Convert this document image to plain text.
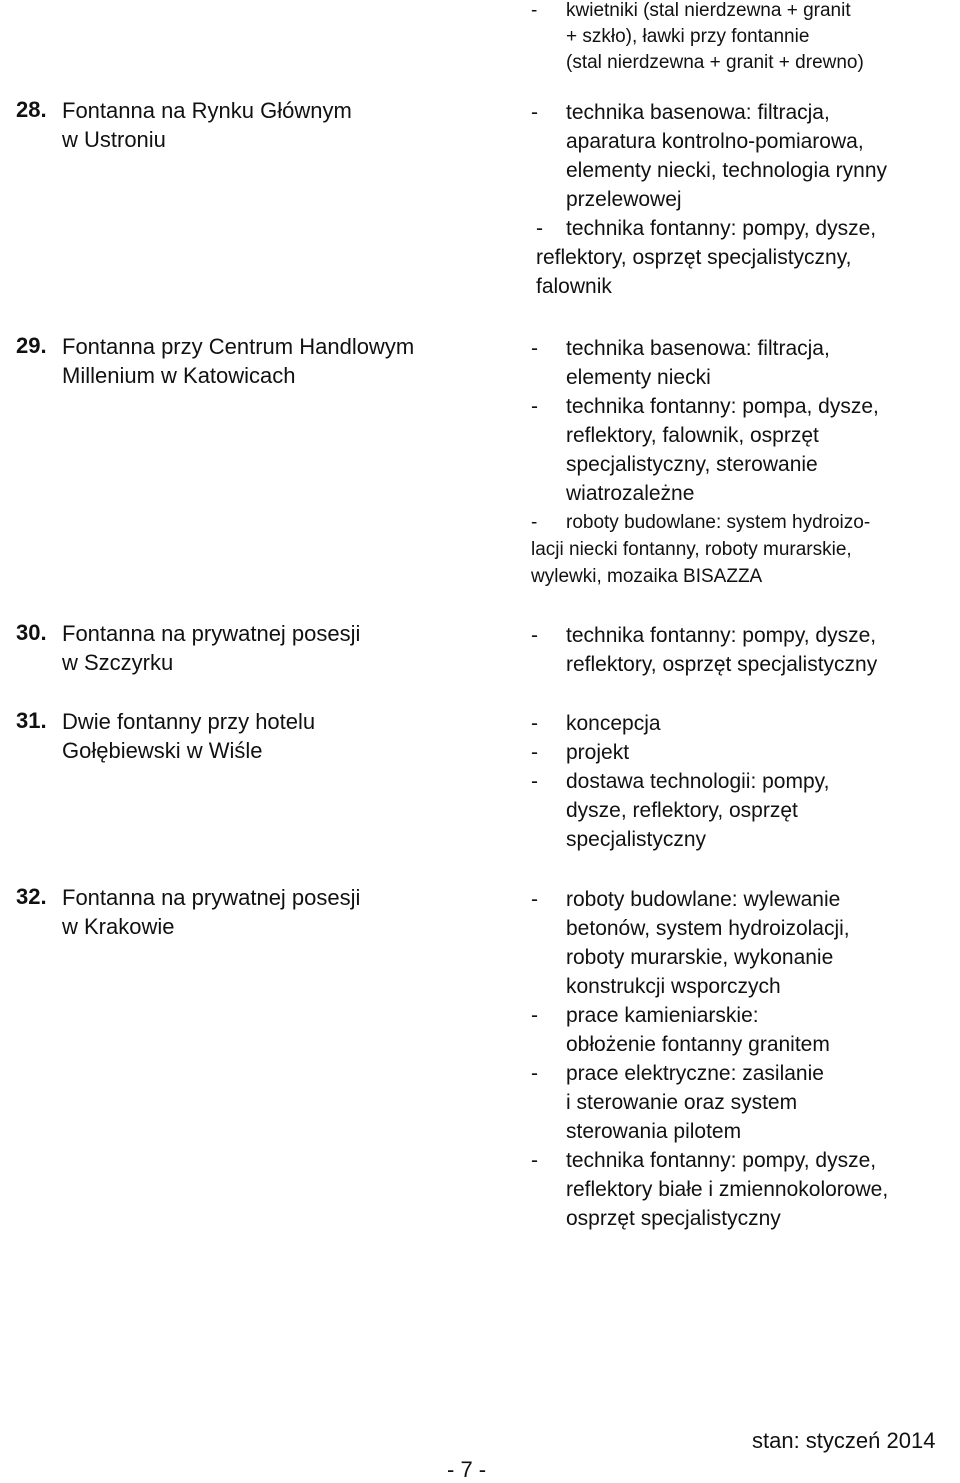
- kwietniki (stal nierdzewna + granit
+ szkło), ławki przy fontannie
(stal nierdzewna + granit + drewno)
28. Fontanna na Rynku Głównym
w Ustroniu
- technika basenowa: filtracja,
aparatura kontrolno-pomiarowa,
elementy niecki, technologia rynny
przelewowej
- technika fontanny: pompy, dysze,
reflektory, osprzęt specjalistyczny,
falownik
29. Fontanna przy Centrum Handlowym
Millenium w Katowicach
- technika basenowa: filtracja,
elementy niecki
- technika fontanny: pompa, dysze,
reflektory, falownik, osprzęt
specjalistyczny, sterowanie
wiatrozależne
- roboty budowlane: system hydroizo-
lacji niecki fontanny, roboty murarskie,
wylewki, mozaika BISAZZA
30. Fontanna na prywatnej posesji
w Szczyrku
- technika fontanny: pompy, dysze,
reflektory, osprzęt specjalistyczny
31. Dwie fontanny przy hotelu
Gołębiewski w Wiśle
- koncepcja
- projekt
- dostawa technologii: pompy,
dysze, reflektory, osprzęt
specjalistyczny
32. Fontanna na prywatnej posesji
w Krakowie
- roboty budowlane: wylewanie
betonów, system hydroizolacji,
roboty murarskie, wykonanie
konstrukcji wsporczych
- prace kamieniarskie:
obłożenie fontanny granitem
- prace elektryczne: zasilanie
i sterowanie oraz system
sterowania pilotem
- technika fontanny: pompy, dysze,
reflektory białe i zmiennokolorowe,
osprzęt specjalistyczny
- 7 -
stan: styczeń 2014
